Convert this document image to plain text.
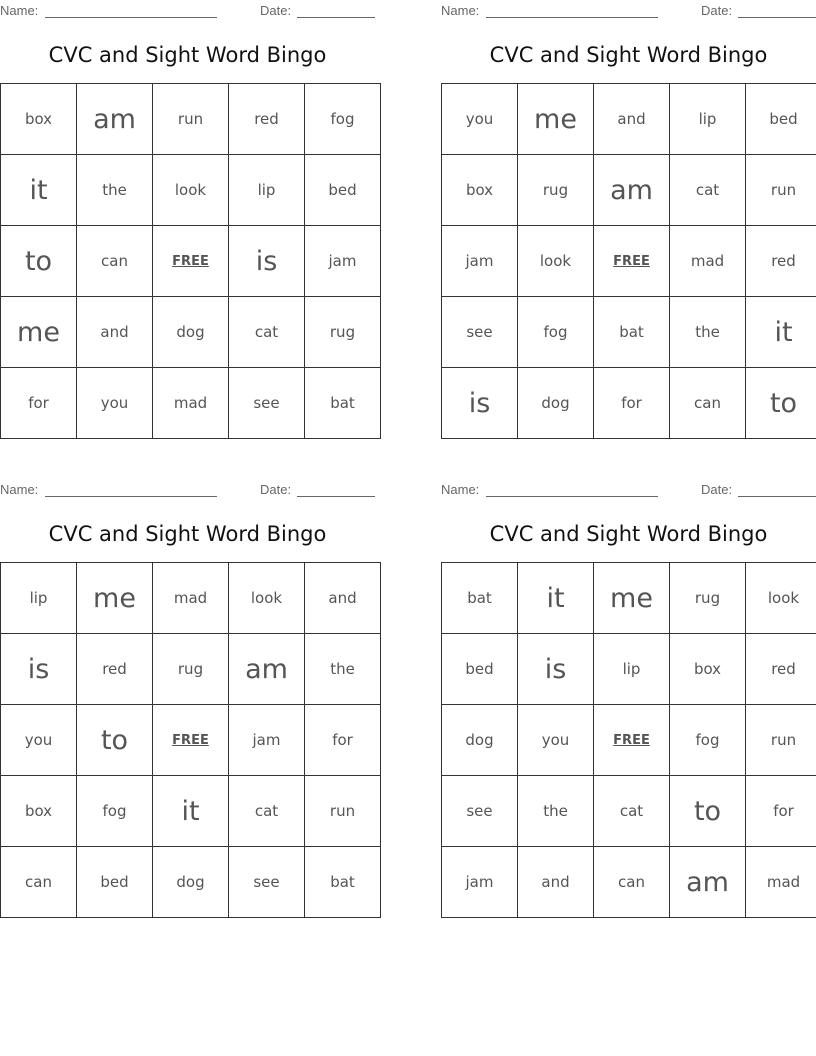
Name:	Date:
CVC and Sight Word Bingo
box	am	run	red	fog
it	the	look	lip	bed
to	can	FREE	is	jam
me	and	dog	cat	rug
for	you	mad	see	bat
Name:	Date:
CVC and Sight Word Bingo
you	me	and	lip	bed
box	rug	am	cat	run
jam	look	FREE	mad	red
see	fog	bat	the	it
is	dog	for	can	to
Name:	Date:
CVC and Sight Word Bingo
lip	me	mad	look	and
is	red	rug	am	the
you	to	FREE	jam	for
box	fog	it	cat	run
can	bed	dog	see	bat
Name:	Date:
CVC and Sight Word Bingo
bat	it	me	rug	look
bed	is	lip	box	red
dog	you	FREE	fog	run
see	the	cat	to	for
jam	and	can	am	mad
